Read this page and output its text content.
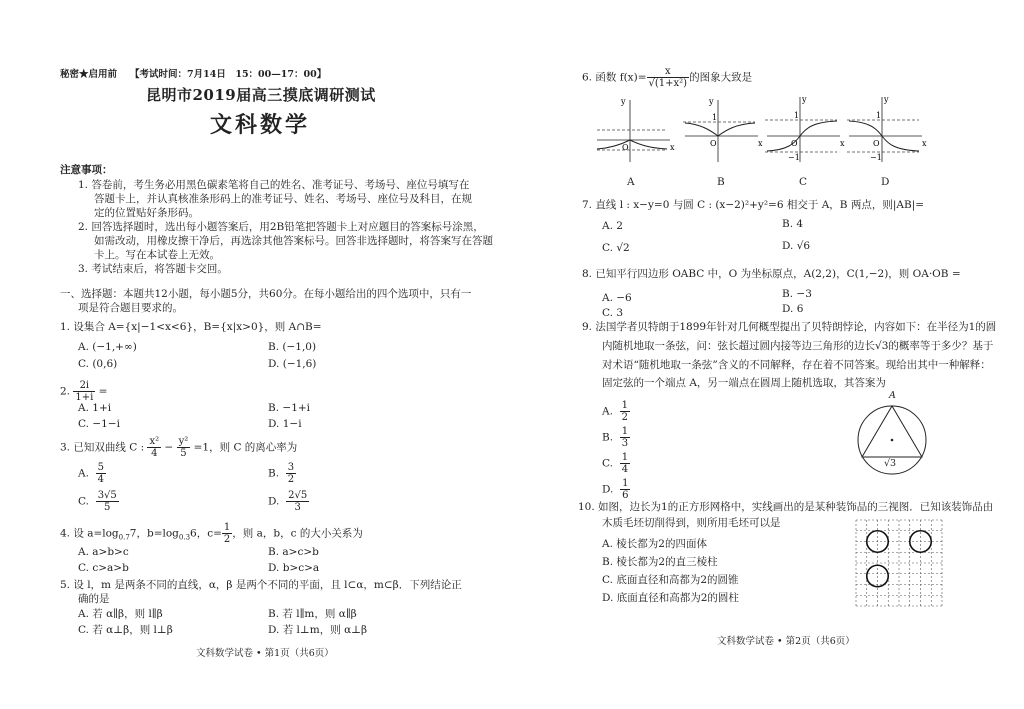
秘密★启用前 【考试时间：7月14日　15：00—17：00】
昆明市2019届高三摸底调研测试
文科数学
注意事项：
1. 答卷前，考生务必用黑色碳素笔将自己的姓名、准考证号、考场号、座位号填写在
答题卡上，并认真核准条形码上的准考证号、姓名、考场号、座位号及科目，在规
定的位置贴好条形码。
2. 回答选择题时，选出每小题答案后，用2B铅笔把答题卡上对应题目的答案标号涂黑，
如需改动，用橡皮擦干净后，再选涂其他答案标号。回答非选择题时，将答案写在答题
卡上。写在本试卷上无效。
3. 考试结束后，将答题卡交回。
一、选择题：本题共12小题，每小题5分，共60分。在每小题给出的四个选项中，只有一
项是符合题目要求的。
1. 设集合 A={x|−1<x<6}，B={x|x>0}，则 A∩B=
A. (−1,+∞)	B. (−1,0)
C. (0,6)	D. (−1,6)
2. $\frac{2i}{1+i}$ =
A. 1+i	B. −1+i
C. −1−i	D. 1−i
3. 已知双曲线 C : $\frac{\text{x²}}{4} - \frac{\text{y²}}{5} =1$，则 C 的离心率为
A. $\frac{5}{4}$	B. $\frac{3}{2}$
C. $\frac{3√5}{5}$	D. $\frac{2√5}{3}$
4. 设 $a=\log_{0.7}7$，$b=\log_{0.3}6$，$c= \frac{1}{2}$ ，则 a，b，c 的大小关系为
A. a>b>c	B. a>c>b
C. c>a>b	D. b>c>a
5. 设 l，m 是两条不同的直线，α，β 是两个不同的平面，且 l⊂α，m⊂β．下列结论正
确的是
A. 若 α∥β，则 l∥β	B. 若 l∥m，则 α∥β
C. 若 α⊥β，则 l⊥β	D. 若 l⊥m，则 α⊥β
文科数学试卷 • 第1页（共6页）
6. 函数 $f(x)= \frac{x}{\text{√(1+x²)}}$ 的图象大致是
y
x
O
1
y
x
O
1
−1
y
x
O
1
−1
y
x
O
A	B	C	D
7. 直线 l : x−y=0 与圆 C : (x−2)²+y²=6 相交于 A，B 两点，则|AB|=
A. 2	B. 4
C. √2	D. √6
8. 已知平行四边形 OABC 中，O 为坐标原点，A(2,2)，C(1,−2)，则 OA·OB =
A. −6	B. −3
C. 3	D. 6
9. 法国学者贝特朗于1899年针对几何概型提出了贝特朗悖论，内容如下：在半径为1的圆
内随机地取一条弦，问：弦长超过圆内接等边三角形的边长√3的概率等于多少？基于
对术语“随机地取一条弦”含义的不同解释，存在着不同答案。现给出其中一种解释：
固定弦的一个端点 A，另一端点在圆周上随机选取，其答案为
A. $\frac{1}{2}$
B. $\frac{1}{3}$
C. $\frac{1}{4}$
D. $\frac{1}{6}$
A
√3
10. 如图，边长为1的正方形网格中，实线画出的是某种装饰品的三视图．已知该装饰品由
木质毛坯切削得到，则所用毛坯可以是
A. 棱长都为2的四面体
B. 棱长都为2的直三棱柱
C. 底面直径和高都为2的圆锥
D. 底面直径和高都为2的圆柱
文科数学试卷 • 第2页（共6页）
